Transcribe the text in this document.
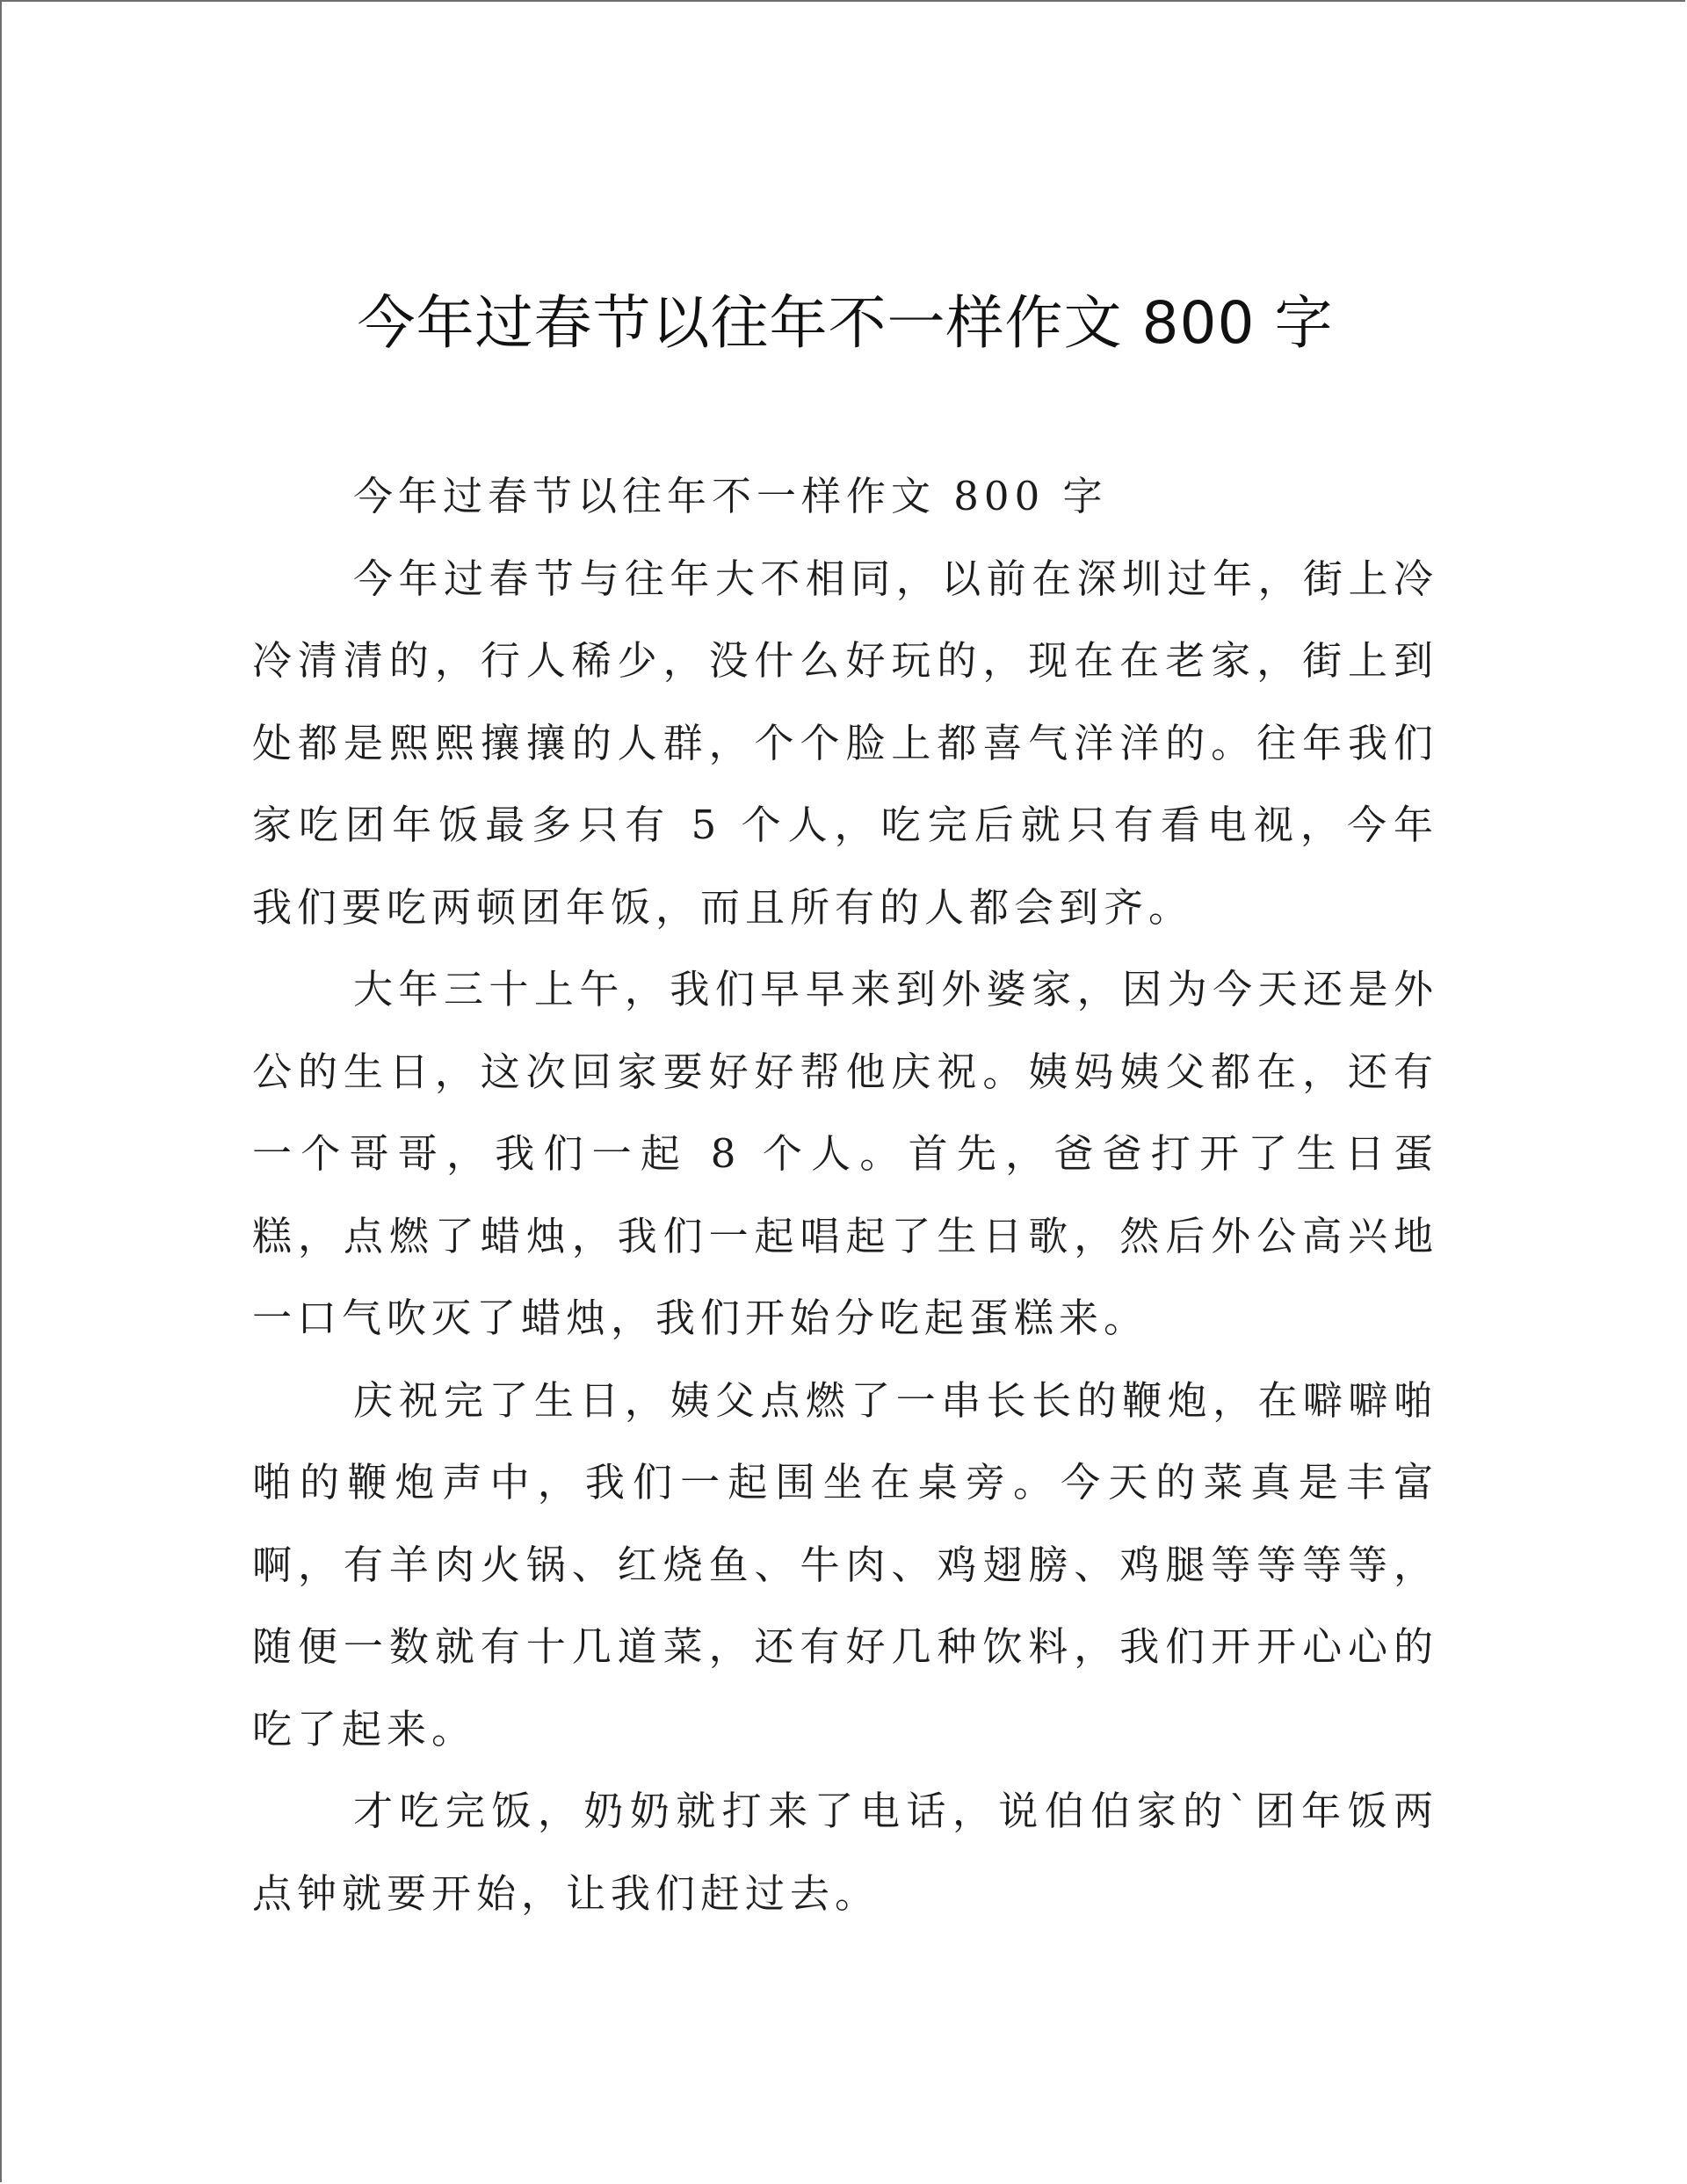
今年过春节以往年不一样作文 800 字

今年过春节以往年不一样作文 800 字

今年过春节与往年大不相同，以前在深圳过年，街上冷冷清清的，行人稀少，没什么好玩的，现在在老家，街上到处都是熙熙攘攘的人群，个个脸上都喜气洋洋的。往年我们家吃团年饭最多只有 5 个人，吃完后就只有看电视，今年我们要吃两顿团年饭，而且所有的人都会到齐。

大年三十上午，我们早早来到外婆家，因为今天还是外公的生日，这次回家要好好帮他庆祝。姨妈姨父都在，还有一个哥哥，我们一起 8 个人。首先，爸爸打开了生日蛋糕，点燃了蜡烛，我们一起唱起了生日歌，然后外公高兴地一口气吹灭了蜡烛，我们开始分吃起蛋糕来。

庆祝完了生日，姨父点燃了一串长长的鞭炮，在噼噼啪啪的鞭炮声中，我们一起围坐在桌旁。今天的菜真是丰富啊，有羊肉火锅、红烧鱼、牛肉、鸡翅膀、鸡腿等等等等，随便一数就有十几道菜，还有好几种饮料，我们开开心心的吃了起来。

才吃完饭，奶奶就打来了电话，说伯伯家的`团年饭两点钟就要开始，让我们赶过去。
